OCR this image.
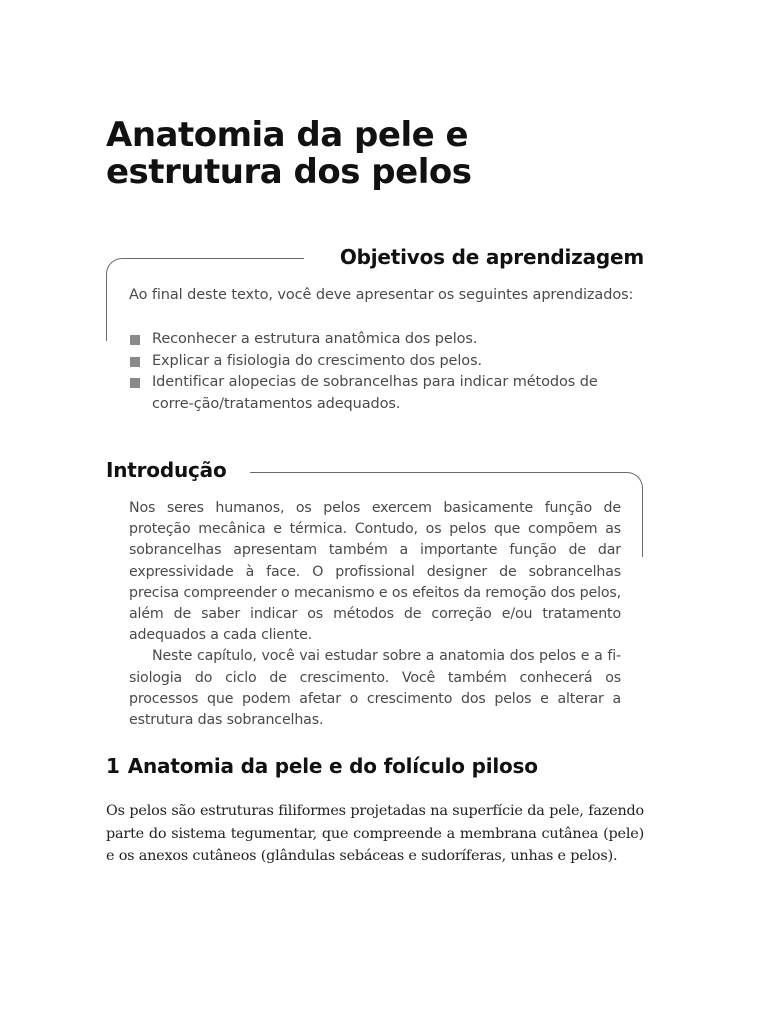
Anatomia da pele e
estrutura dos pelos
Objetivos de aprendizagem

Ao final deste texto, você deve apresentar os seguintes aprendizados:

Reconhecer a estrutura anatômica dos pelos.
Explicar a fisiologia do crescimento dos pelos.
Identificar alopecias de sobrancelhas para indicar métodos de corre-ção/tratamentos adequados.
Introdução

Nos seres humanos, os pelos exercem basicamente função de proteção mecânica e térmica. Contudo, os pelos que compõem as sobrancelhas apresentam também a importante função de dar expressividade à face. O profissional designer de sobrancelhas precisa compreender o mecanismo e os efeitos da remoção dos pelos, além de saber indicar os métodos de correção e/ou tratamento adequados a cada cliente.

Neste capítulo, você vai estudar sobre a anatomia dos pelos e a fi-siologia do ciclo de crescimento. Você também conhecerá os processos que podem afetar o crescimento dos pelos e alterar a estrutura das sobrancelhas.

1 Anatomia da pele e do folículo piloso

Os pelos são estruturas filiformes projetadas na superfície da pele, fazendo parte do sistema tegumentar, que compreende a membrana cutânea (pele) e os anexos cutâneos (glândulas sebáceas e sudoríferas, unhas e pelos).
